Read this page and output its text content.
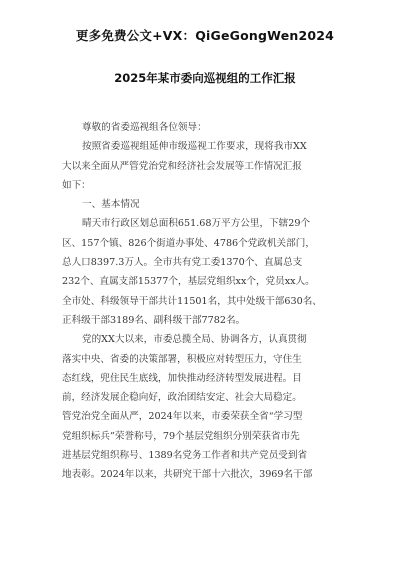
更多免费公文+VX：QiGeGongWen2024
2025年某市委向巡视组的工作汇报
尊敬的省委巡视组各位领导：
按照省委巡视组延伸市级巡视工作要求，现将我市XX
大以来全面从严管党治党和经济社会发展等工作情况汇报
如下：
一、基本情况
晴天市行政区划总面积651.68万平方公里，下辖29个
区、157个镇、826个街道办事处、4786个党政机关部门，
总人口8397.3万人。全市共有党工委1370个、直属总支
232个、直属支部15377个，基层党组织xx个，党员xx人。
全市处、科级领导干部共计11501名，其中处级干部630名、
正科级干部3189名、副科级干部7782名。
党的XX大以来，市委总揽全局、协调各方，认真贯彻
落实中央、省委的决策部署，积极应对转型压力，守住生
态红线，兜住民生底线，加快推动经济转型发展进程。目
前，经济发展企稳向好，政治团结安定、社会大局稳定。
管党治党全面从严，2024年以来，市委荣获全省“学习型
党组织标兵”荣誉称号，79个基层党组织分别荣获省市先
进基层党组织称号、1389名党务工作者和共产党员受到省
地表彰。2024年以来，共研究干部十六批次，3969名干部
